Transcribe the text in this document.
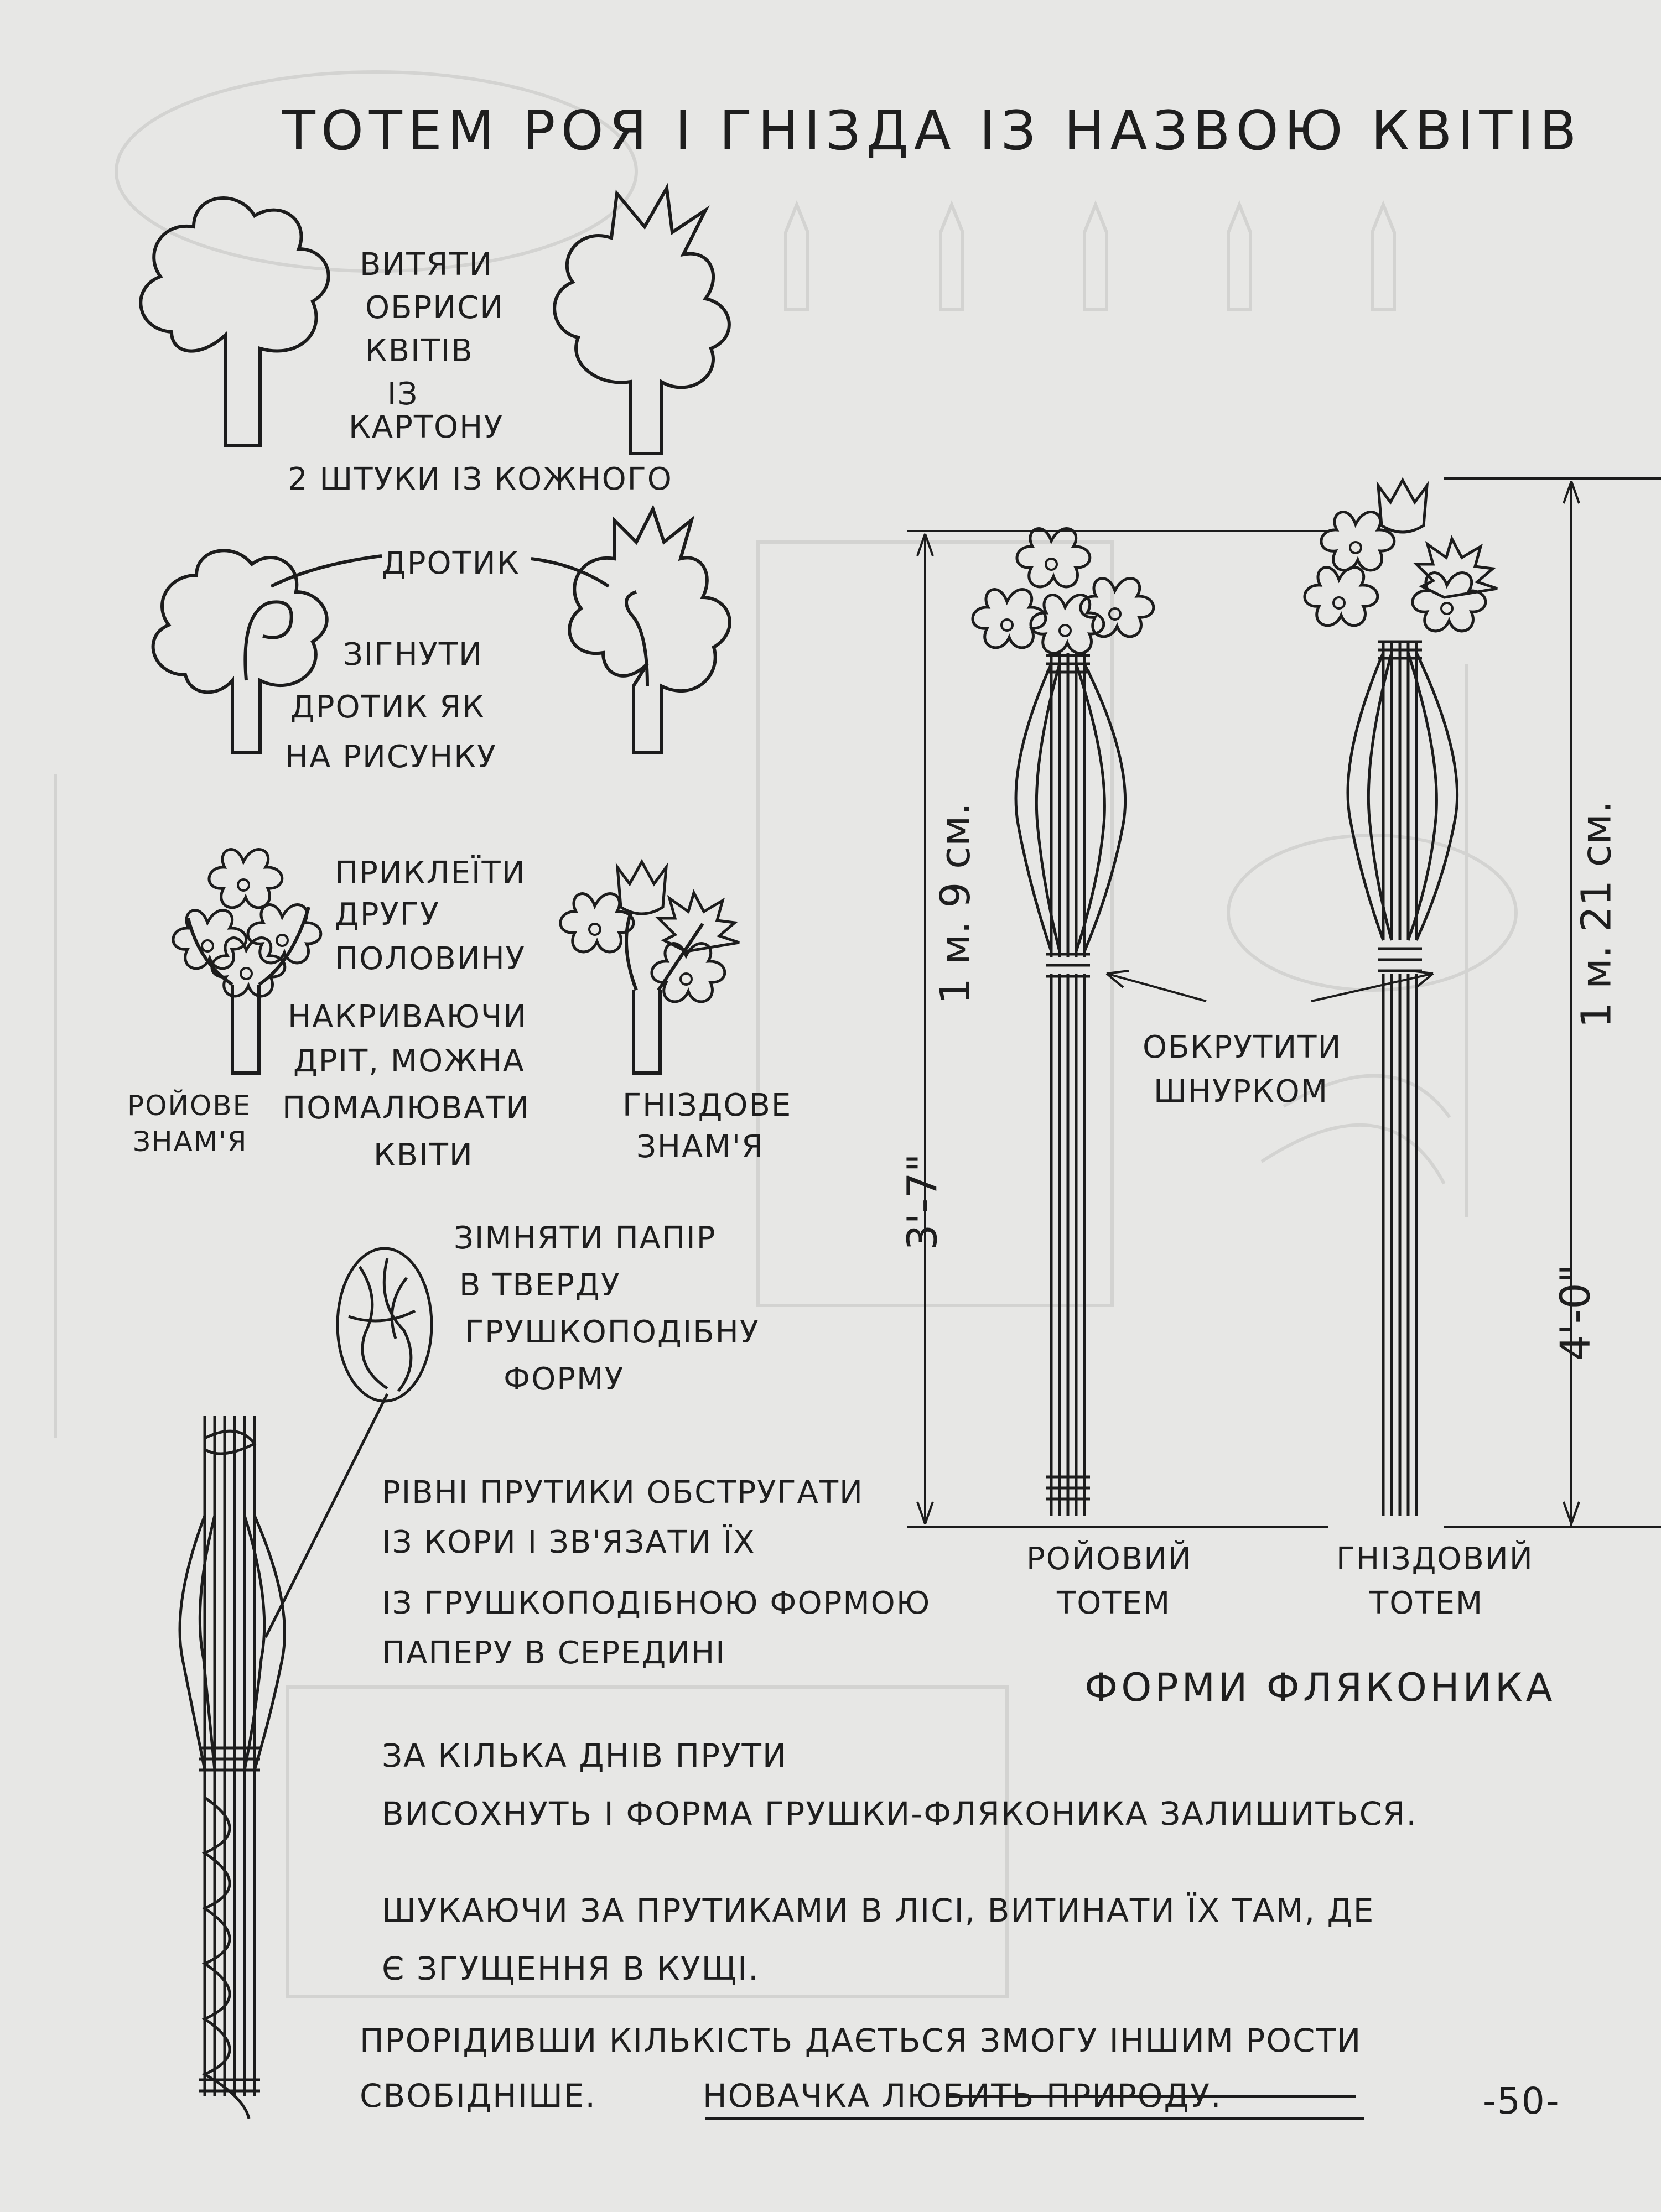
ТОТЕМ РОЯ І ГНІЗДА ІЗ НАЗВОЮ КВІТІВ
ВИТЯТИ
ОБРИСИ
КВІТІВ
ІЗ
КАРТОНУ
2 ШТУКИ ІЗ КОЖНОГО
ДРОТИК
ЗІГНУТИ
ДРОТИК ЯК
НА РИСУНКУ
ПРИКЛЕЇТИ
ДРУГУ
ПОЛОВИНУ
НАКРИВАЮЧИ
ДРІТ, МОЖНА
ПОМАЛЮВАТИ
КВІТИ
РОЙОВЕ
ЗНАМ'Я
ГНІЗДОВЕ
ЗНАМ'Я
ЗІМНЯТИ ПАПІР
В ТВЕРДУ
ГРУШКОПОДІБНУ
ФОРМУ
РІВНІ ПРУТИКИ ОБСТРУГАТИ
ІЗ КОРИ І ЗВ'ЯЗАТИ ЇХ
ІЗ ГРУШКОПОДІБНОЮ ФОРМОЮ
ПАПЕРУ В СЕРЕДИНІ
РОЙОВИЙ
ТОТЕМ
ГНІЗДОВИЙ
ТОТЕМ
ОБКРУТИТИ
ШНУРКОМ
1 м. 9 см.
3'-7"
1 м. 21 см.
4'-0"
ФОРМИ ФЛЯКОНИКА
ЗА КІЛЬКА ДНІВ ПРУТИ
ВИСОХНУТЬ І ФОРМА ГРУШКИ-ФЛЯКОНИКА ЗАЛИШИТЬСЯ.
ШУКАЮЧИ ЗА ПРУТИКАМИ В ЛІСІ, ВИТИНАТИ ЇХ ТАМ, ДЕ
Є ЗГУЩЕННЯ В КУЩІ.
ПРОРІДИВШИ КІЛЬКІСТЬ ДАЄТЬСЯ ЗМОГУ ІНШИМ РОСТИ
СВОБІДНІШЕ.	НОВАЧКА ЛЮБИТЬ ПРИРОДУ.	-50-
